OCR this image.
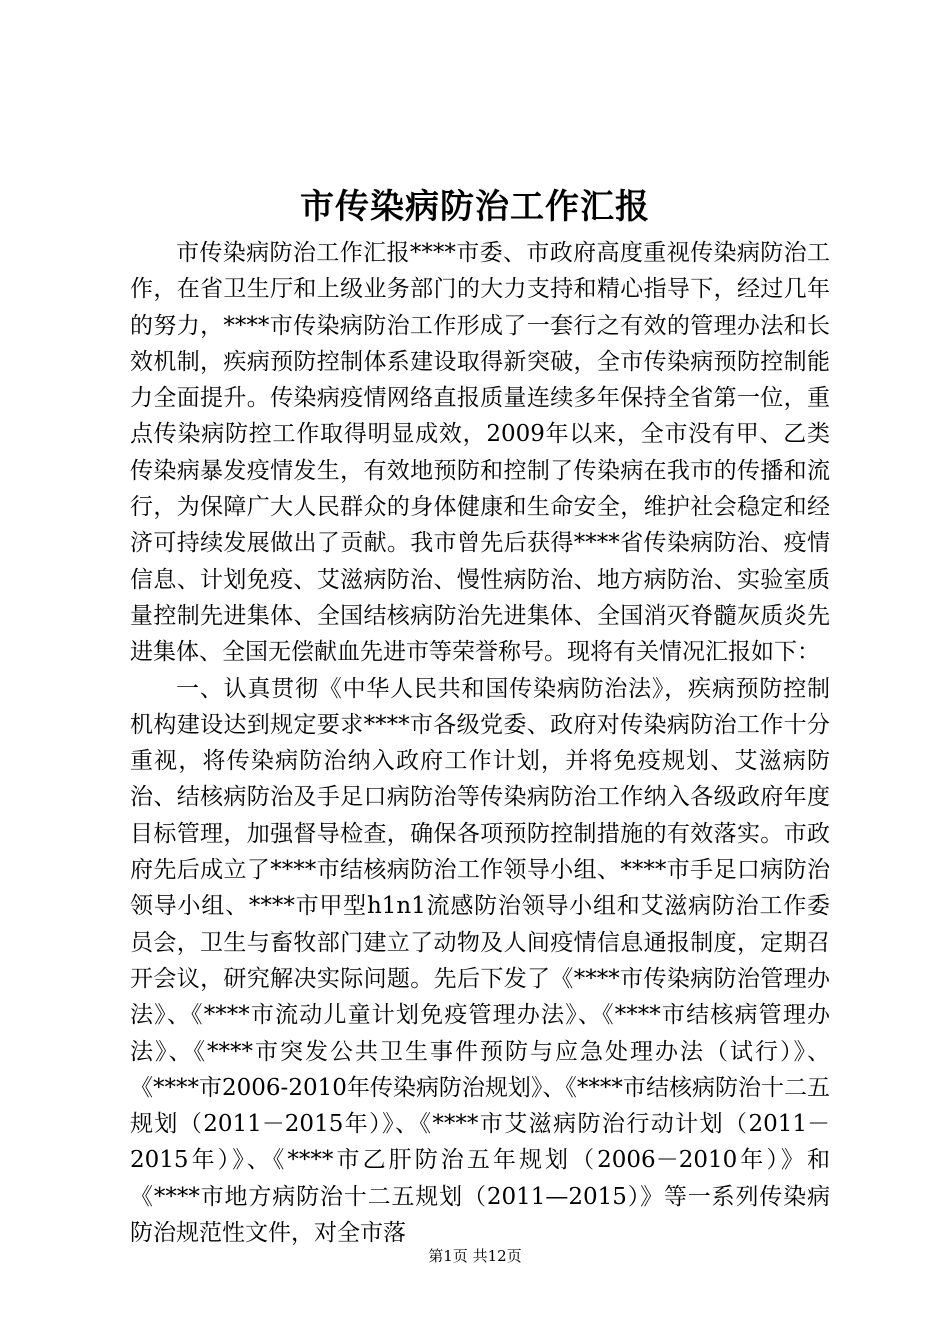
市传染病防治工作汇报

市传染病防治工作汇报****市委、市政府高度重视传染病防治工作，在省卫生厅和上级业务部门的大力支持和精心指导下，经过几年的努力，****市传染病防治工作形成了一套行之有效的管理办法和长效机制，疾病预防控制体系建设取得新突破，全市传染病预防控制能力全面提升。传染病疫情网络直报质量连续多年保持全省第一位，重点传染病防控工作取得明显成效，2009年以来，全市没有甲、乙类传染病暴发疫情发生，有效地预防和控制了传染病在我市的传播和流行，为保障广大人民群众的身体健康和生命安全，维护社会稳定和经济可持续发展做出了贡献。我市曾先后获得****省传染病防治、疫情信息、计划免疫、艾滋病防治、慢性病防治、地方病防治、实验室质量控制先进集体、全国结核病防治先进集体、全国消灭脊髓灰质炎先进集体、全国无偿献血先进市等荣誉称号。现将有关情况汇报如下：

一、认真贯彻《中华人民共和国传染病防治法》，疾病预防控制机构建设达到规定要求****市各级党委、政府对传染病防治工作十分重视，将传染病防治纳入政府工作计划，并将免疫规划、艾滋病防治、结核病防治及手足口病防治等传染病防治工作纳入各级政府年度目标管理，加强督导检查，确保各项预防控制措施的有效落实。市政府先后成立了****市结核病防治工作领导小组、****市手足口病防治领导小组、****市甲型h1n1流感防治领导小组和艾滋病防治工作委员会，卫生与畜牧部门建立了动物及人间疫情信息通报制度，定期召开会议，研究解决实际问题。先后下发了《****市传染病防治管理办法》、《****市流动儿童计划免疫管理办法》、《****市结核病管理办法》、《****市突发公共卫生事件预防与应急处理办法（试行）》、《****市2006-2010年传染病防治规划》、《****市结核病防治十二五规划（2011－2015年）》、《****市艾滋病防治行动计划（2011－2015年）》、《****市乙肝防治五年规划（2006－2010年）》和《****市地方病防治十二五规划（2011—2015）》等一系列传染病防治规范性文件，对全市落

第1页 共12页
